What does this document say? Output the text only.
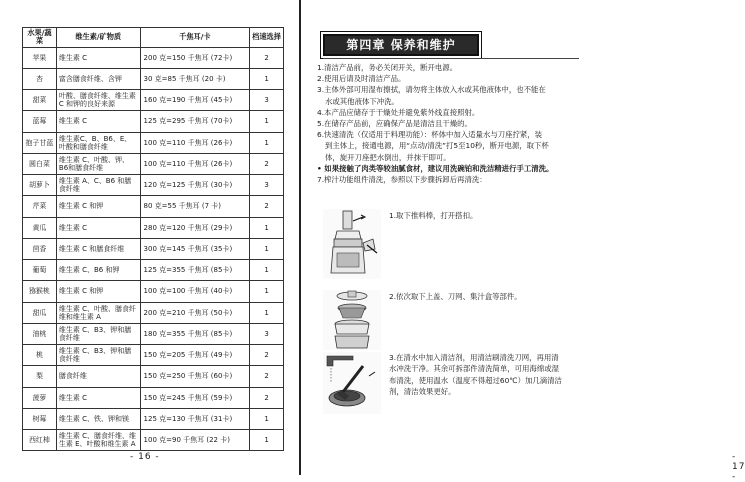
水果/蔬菜	维生素/矿物质	千焦耳/卡	档速选择
苹果	维生素 C	200 克=150 千焦耳 (72卡)	2
杏	富含膳食纤维、含钾	30 克=85 千焦耳 (20 卡)	1
甜菜	叶酸、膳食纤维、维生素 C 和钾的良好来源	160 克=190 千焦耳 (45卡)	3
蓝莓	维生素 C	125 克=295 千焦耳 (70卡)	1
抱子甘蓝	维生素C、B、B6、E、叶酸和膳食纤维	100 克=110 千焦耳 (26卡)	1
圆白菜	维生素 C、叶酸、钾、B6和膳食纤维	100 克=110 千焦耳 (26卡)	2
胡萝卜	维生素 A、C、B6 和膳食纤维	120 克=125 千焦耳 (30卡)	3
芹菜	维生素 C 和钾	80 克=55 千焦耳 (7 卡)	2
黄瓜	维生素 C	280 克=120 千焦耳 (29卡)	1
茴香	维生素 C 和膳食纤维	300 克=145 千焦耳 (35卡)	1
葡萄	维生素 C、B6 和钾	125 克=355 千焦耳 (85卡)	1
猕猴桃	维生素 C 和钾	100 克=100 千焦耳 (40卡)	1
甜瓜	维生素 C、叶酸、膳食纤维和维生素 A	200 克=210 千焦耳 (50卡)	1
油桃	维生素 C、B3、钾和膳食纤维	180 克=355 千焦耳 (85卡)	3
桃	维生素 C、B3、钾和膳食纤维	150 克=205 千焦耳 (49卡)	2
梨	膳食纤维	150 克=250 千焦耳 (60卡)	2
菠萝	维生素 C	150 克=245 千焦耳 (59卡)	2
树莓	维生素 C、铁、钾和镁	125 克=130 千焦耳 (31卡)	1
西红柿	维生素 C、膳食纤维、维生素 E、叶酸和维生素 A	100 克=90 千焦耳 (22 卡)	1
- 16 -
第四章 保养和维护

1.清洁产品前，务必关闭开关，断开电源。

2.使用后请及时清洁产品。

3.主体外部可用湿布擦拭，请勿将主体放入水或其他液体中，也不能在

水或其他液体下冲洗。

4.本产品应储存于干燥处并避免紫外线直接照射。

5.在储存产品前，应确保产品是清洁且干燥的。

6.快速清洗（仅适用于料理功能）：杯体中加入适量水与刀座拧紧，装

到主体上，接通电源，用“点动/清洗”打5至10秒，断开电源，取下杯

体，旋开刀座把水倒出，并抹干即可。

• 如果接触了肉类等较油腻食材，建议用洗碗铂和洗洁精进行手工清洗。

7.榨汁功能组件清洗，参照以下步骤拆卸后再清洗：

1.取下推料棒，打开搭扣。
2.依次取下上盖、刀网、集汁盒等部件。
3.在清水中加入清洁剂，用清洁刷清洗刀网，再用清
水冲洗干净。其余可拆部件清洗简单，可用海绵或湿
布清洗，使用温水（温度不得超过60℃）加几滴清洁
剂，清洁效果更好。
- 17 -
